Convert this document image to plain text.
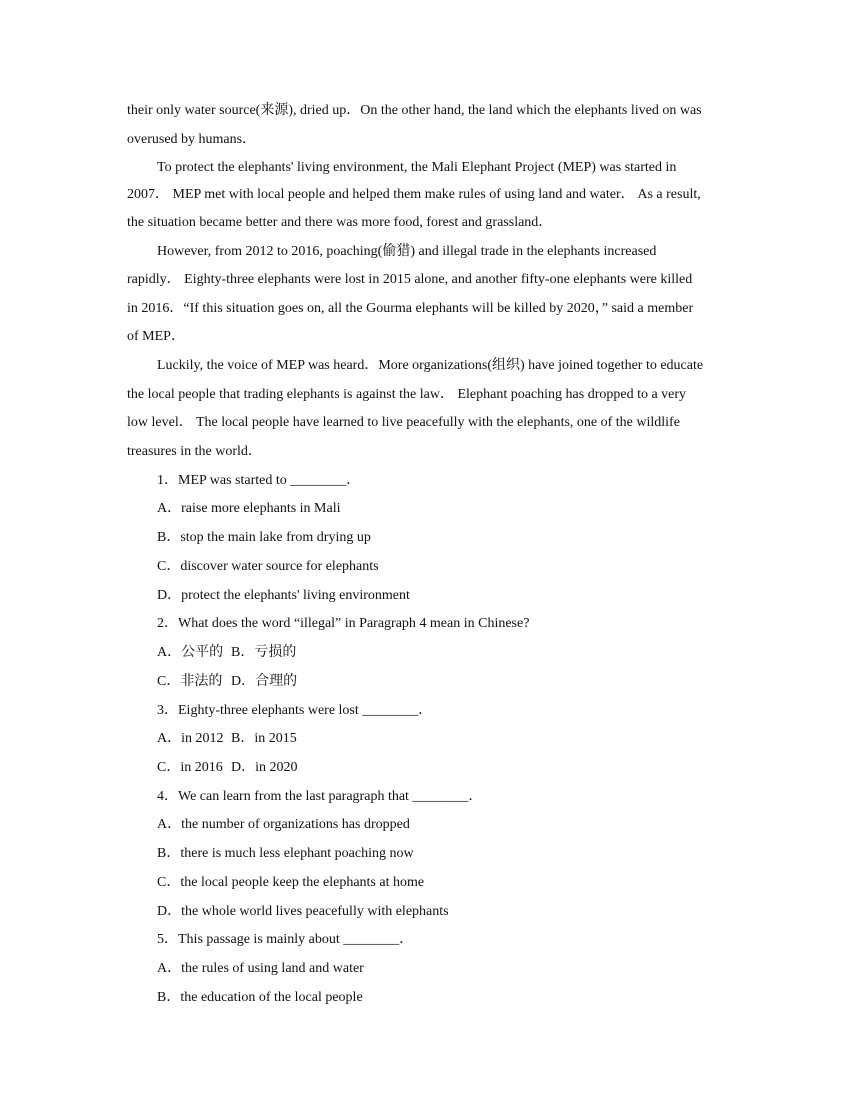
their only water source(来源), dried up．On the other hand, the land which the elephants lived on was
overused by humans．
To protect the elephants' living environment, the Mali Elephant Project (MEP) was started in
2007． MEP met with local people and helped them make rules of using land and water． As a result,
the situation became better and there was more food, forest and grassland．
However, from 2012 to 2016, poaching(偷猎) and illegal trade in the elephants increased
rapidly． Eighty-three elephants were lost in 2015 alone, and another fifty-one elephants were killed
in 2016．“If this situation goes on, all the Gourma elephants will be killed by 2020，” said a member
of MEP．
Luckily, the voice of MEP was heard．More organizations(组织) have joined together to educate
the local people that trading elephants is against the law． Elephant poaching has dropped to a very
low level． The local people have learned to live peacefully with the elephants, one of the wildlife
treasures in the world．
1．MEP was started to ________．
A．raise more elephants in Mali
B．stop the main lake from drying up
C．discover water source for elephants
D．protect the elephants' living environment
2．What does the word “illegal” in Paragraph 4 mean in Chinese?
A．公平的 B．亏损的
C．非法的 D．合理的
3．Eighty-three elephants were lost ________．
A．in 2012 B．in 2015
C．in 2016 D．in 2020
4．We can learn from the last paragraph that ________．
A．the number of organizations has dropped
B．there is much less elephant poaching now
C．the local people keep the elephants at home
D．the whole world lives peacefully with elephants
5．This passage is mainly about ________．
A．the rules of using land and water
B．the education of the local people
